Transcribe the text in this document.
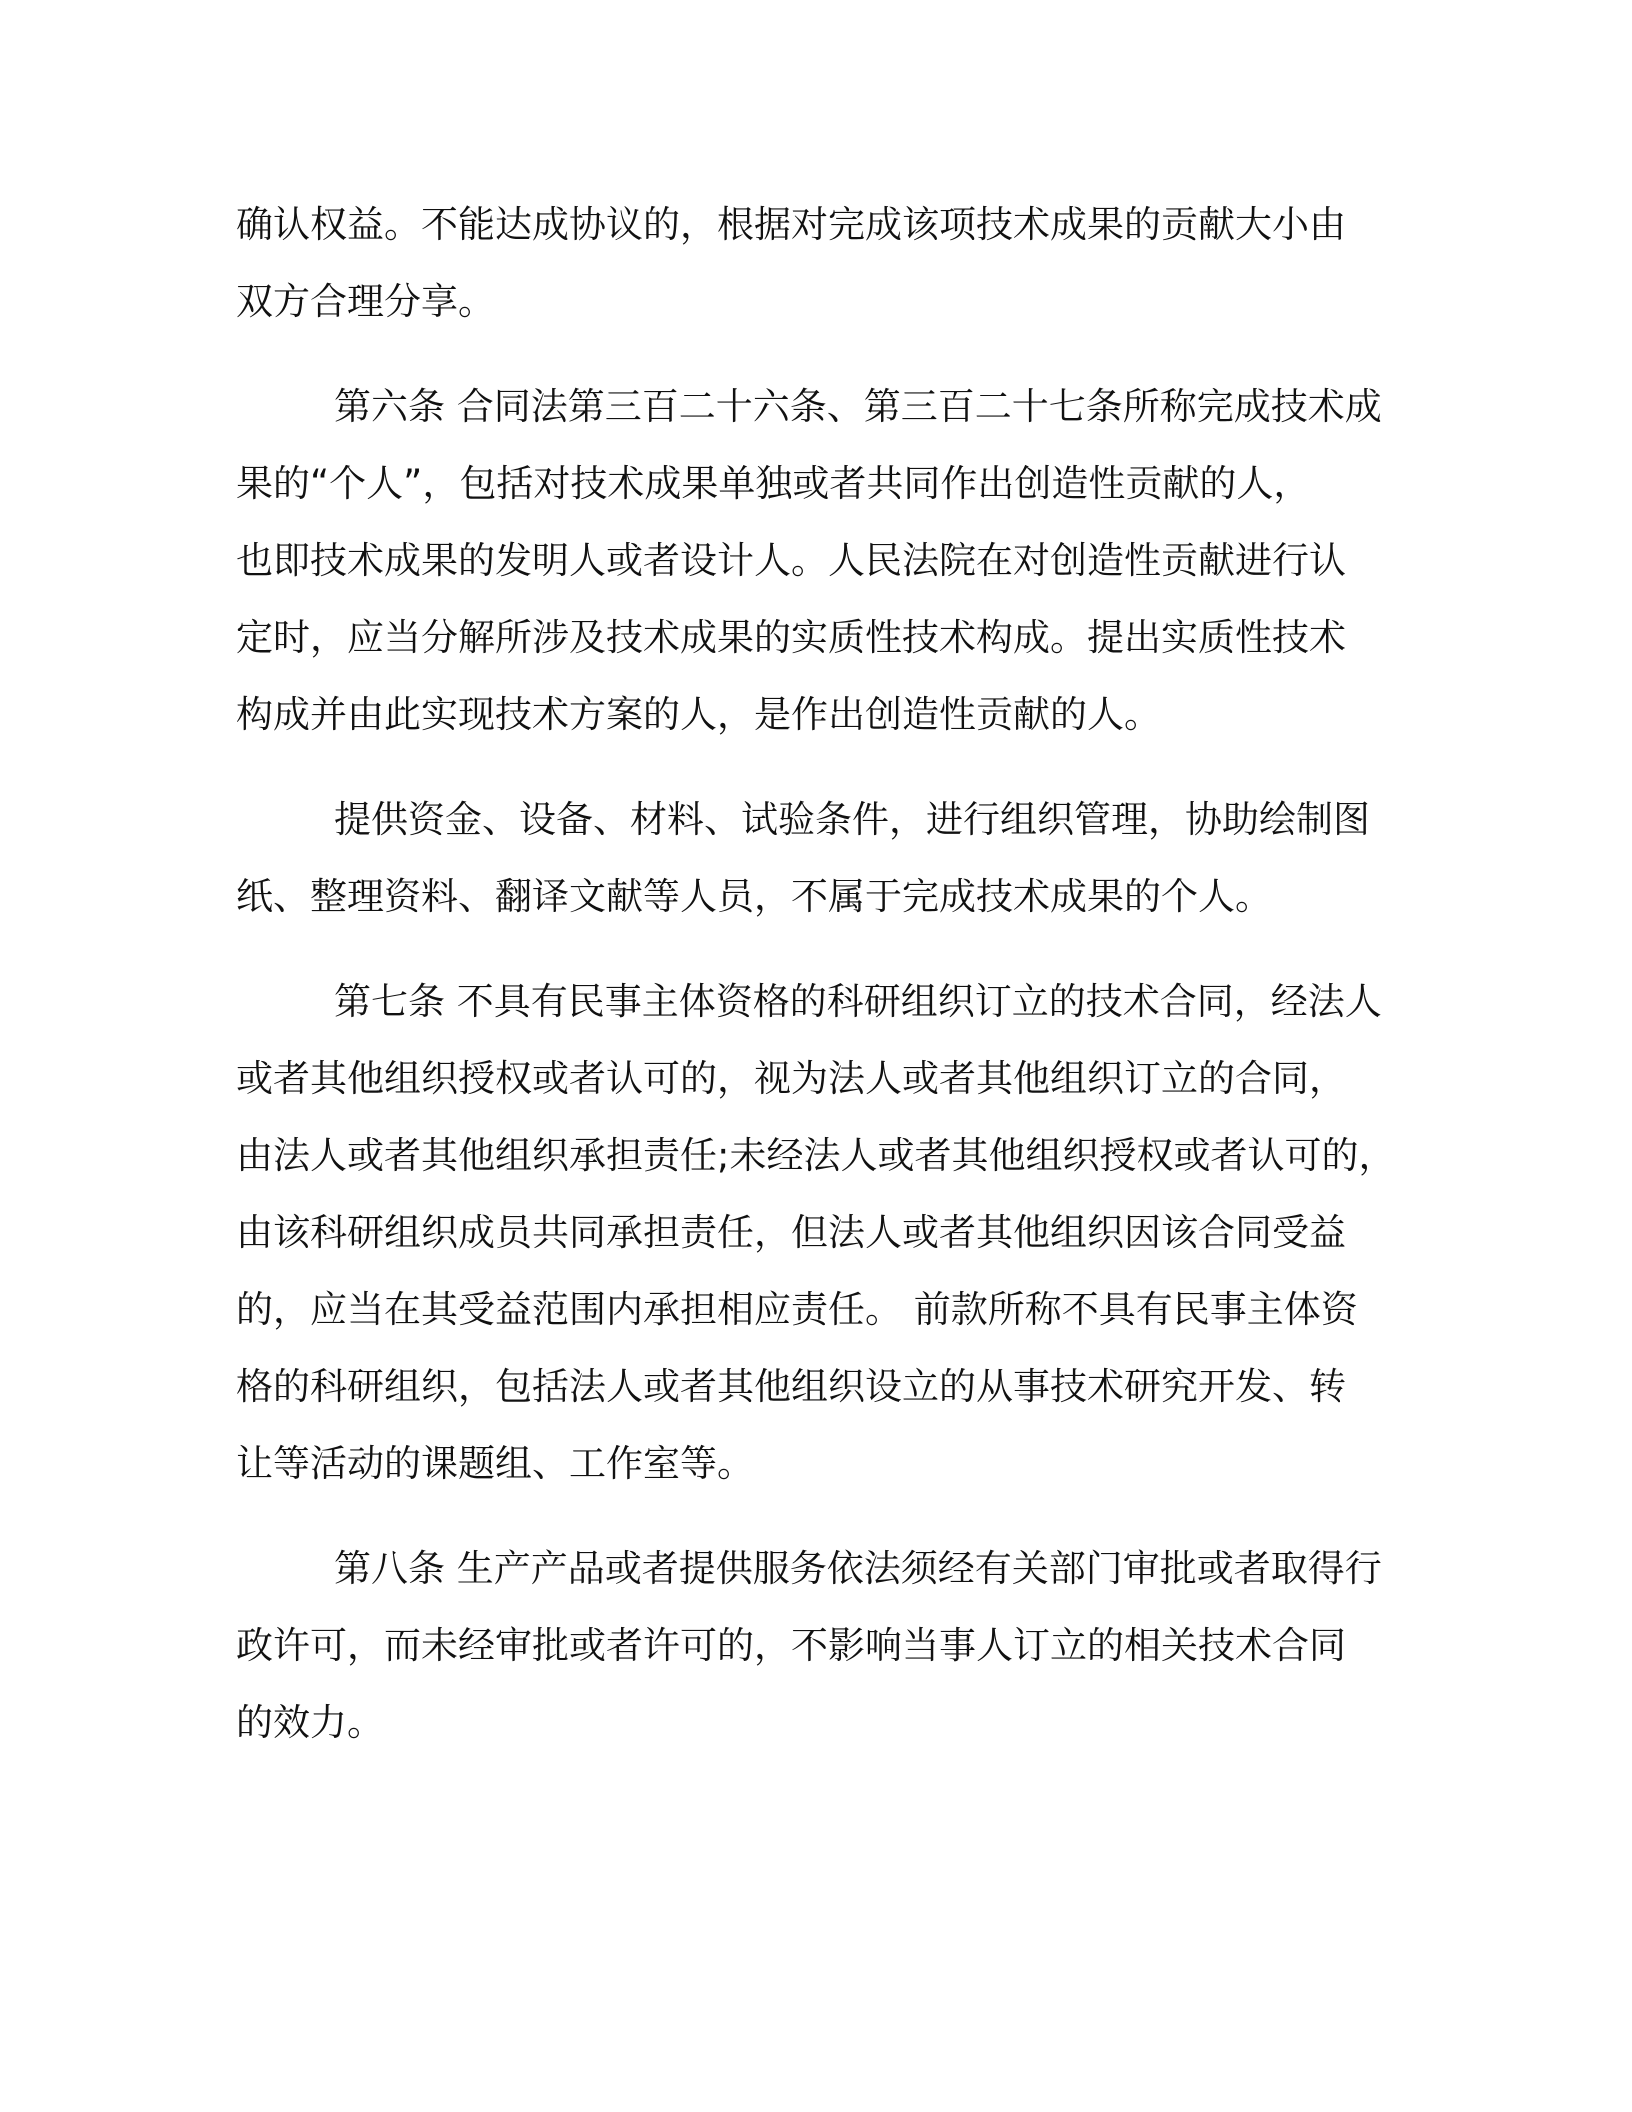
确认权益。不能达成协议的，根据对完成该项技术成果的贡献大小由
双方合理分享。

第六条 合同法第三百二十六条、第三百二十七条所称完成技术成
果的“个人”，包括对技术成果单独或者共同作出创造性贡献的人，
也即技术成果的发明人或者设计人。人民法院在对创造性贡献进行认
定时，应当分解所涉及技术成果的实质性技术构成。提出实质性技术
构成并由此实现技术方案的人，是作出创造性贡献的人。

提供资金、设备、材料、试验条件，进行组织管理，协助绘制图
纸、整理资料、翻译文献等人员，不属于完成技术成果的个人。

第七条 不具有民事主体资格的科研组织订立的技术合同，经法人
或者其他组织授权或者认可的，视为法人或者其他组织订立的合同，
由法人或者其他组织承担责任;未经法人或者其他组织授权或者认可的，
由该科研组织成员共同承担责任，但法人或者其他组织因该合同受益
的，应当在其受益范围内承担相应责任。 前款所称不具有民事主体资
格的科研组织，包括法人或者其他组织设立的从事技术研究开发、转
让等活动的课题组、工作室等。

第八条 生产产品或者提供服务依法须经有关部门审批或者取得行
政许可，而未经审批或者许可的，不影响当事人订立的相关技术合同
的效力。
